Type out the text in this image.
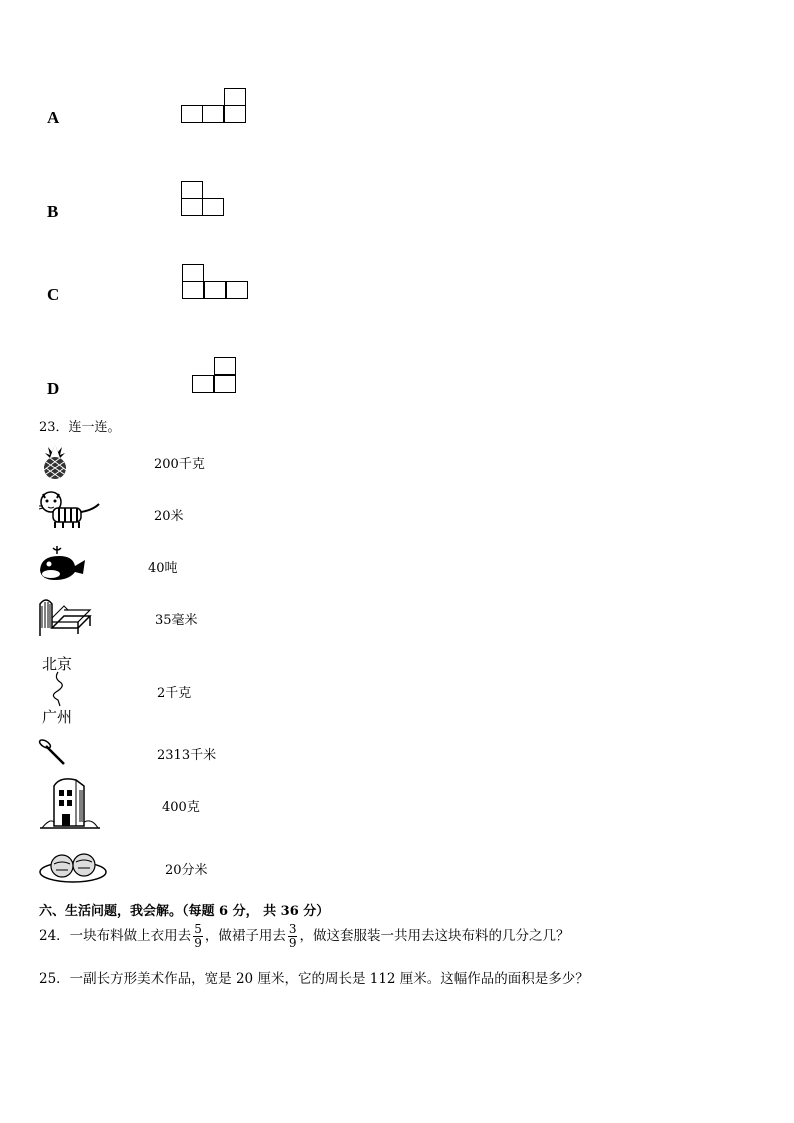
A
B
C
D
23．连一连。
北京
广州
200千克
20米
40吨
35毫米
2千克
2313千米
400克
20分米
六、生活问题，我会解。（每题 6 分， 共 36 分）
24．一块布料做上衣用去 $\frac{5}{9}$ ，做裙子用去 $\frac{3}{9}$ ，做这套服装一共用去这块布料的几分之几？
25．一副长方形美术作品，宽是 20 厘米，它的周长是 112 厘米。这幅作品的面积是多少？
